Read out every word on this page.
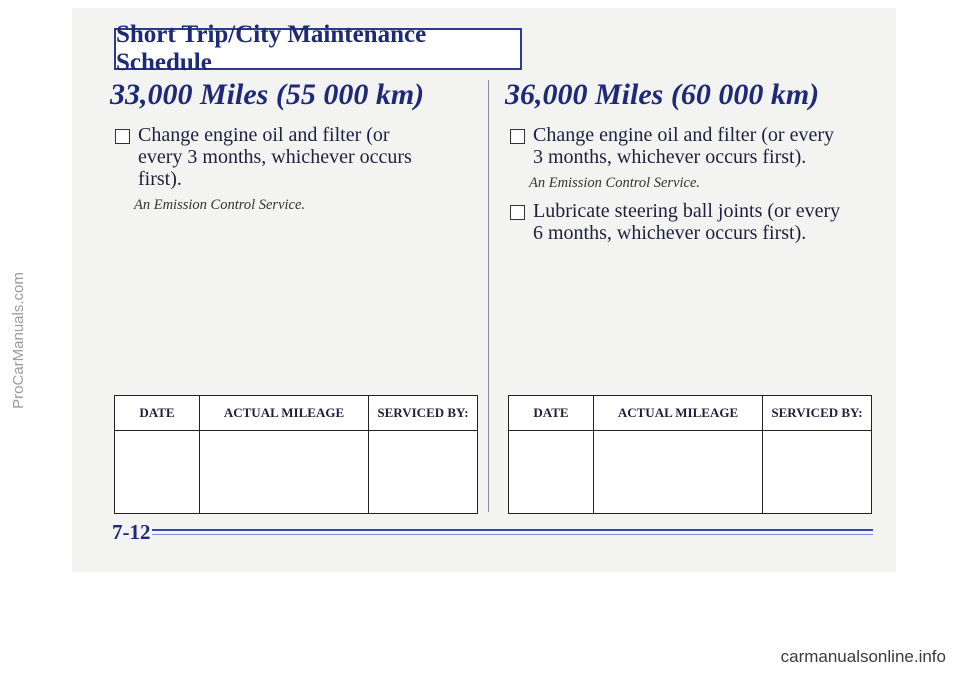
ProCarManuals.com
Short Trip/City Maintenance Schedule
33,000 Miles (55 000 km)
Change engine oil and filter (or every 3 months, whichever occurs first).
An Emission Control Service.
36,000 Miles (60 000 km)
Change engine oil and filter (or every 3 months, whichever occurs first).
An Emission Control Service.
Lubricate steering ball joints (or every 6 months, whichever occurs first).
DATE	ACTUAL MILEAGE	SERVICED BY:
			DATE	ACTUAL MILEAGE	SERVICED BY:

7-12
carmanualsonline.info
